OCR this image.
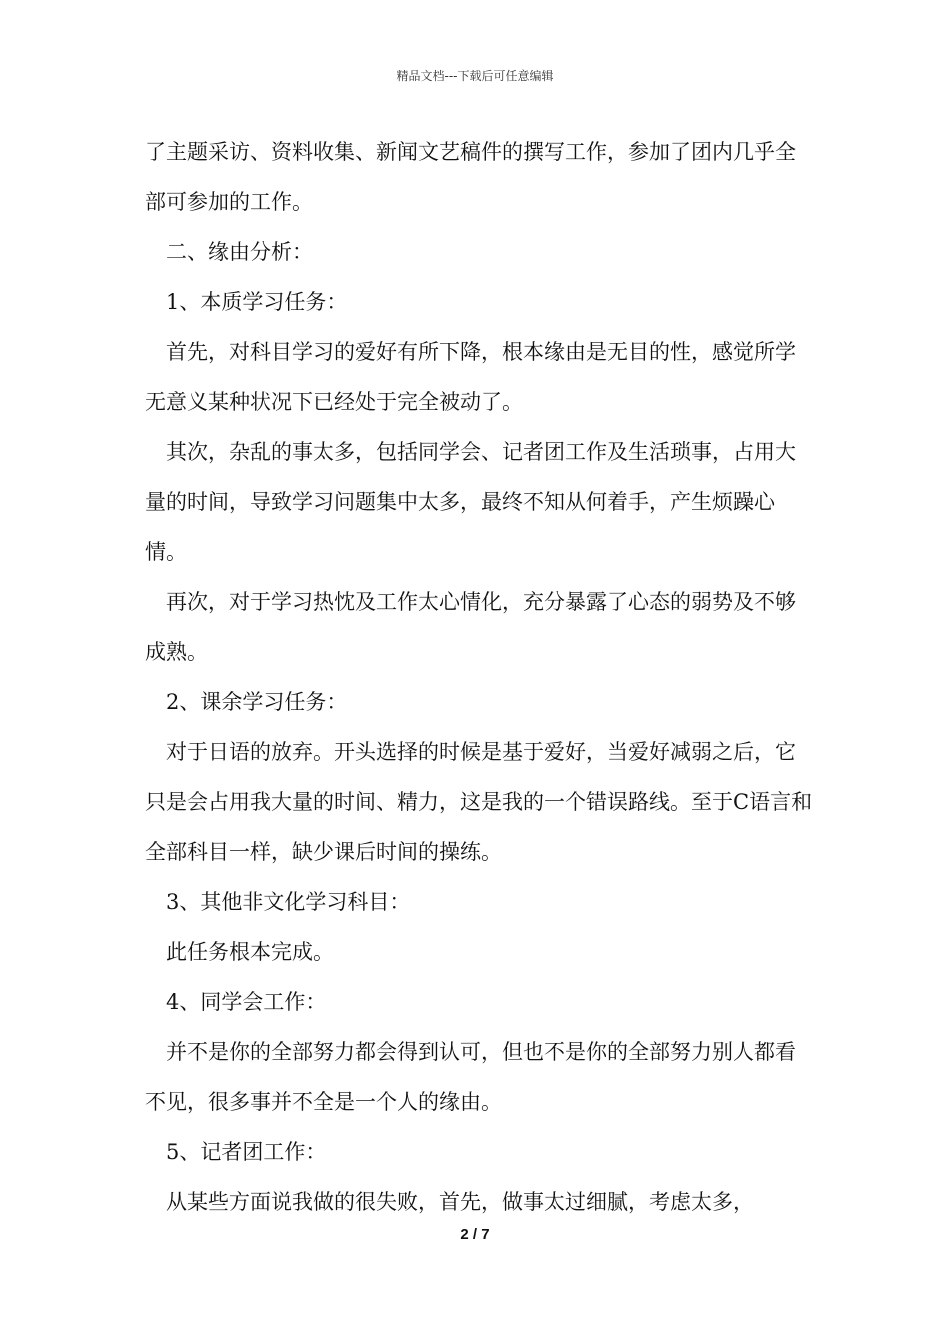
精品文档---下载后可任意编辑

了主题采访、资料收集、新闻文艺稿件的撰写工作，参加了团内几乎全部可参加的工作。

二、缘由分析：

1、本质学习任务：

首先，对科目学习的爱好有所下降，根本缘由是无目的性，感觉所学无意义某种状况下已经处于完全被动了。

其次，杂乱的事太多，包括同学会、记者团工作及生活琐事，占用大量的时间，导致学习问题集中太多，最终不知从何着手，产生烦躁心情。

再次，对于学习热忱及工作太心情化，充分暴露了心态的弱势及不够成熟。

2、课余学习任务：

对于日语的放弃。开头选择的时候是基于爱好，当爱好减弱之后，它只是会占用我大量的时间、精力，这是我的一个错误路线。至于C语言和全部科目一样，缺少课后时间的操练。

3、其他非文化学习科目：

此任务根本完成。

4、同学会工作：

并不是你的全部努力都会得到认可，但也不是你的全部努力别人都看不见，很多事并不全是一个人的缘由。

5、记者团工作：

从某些方面说我做的很失败，首先，做事太过细腻，考虑太多，

2 / 7
